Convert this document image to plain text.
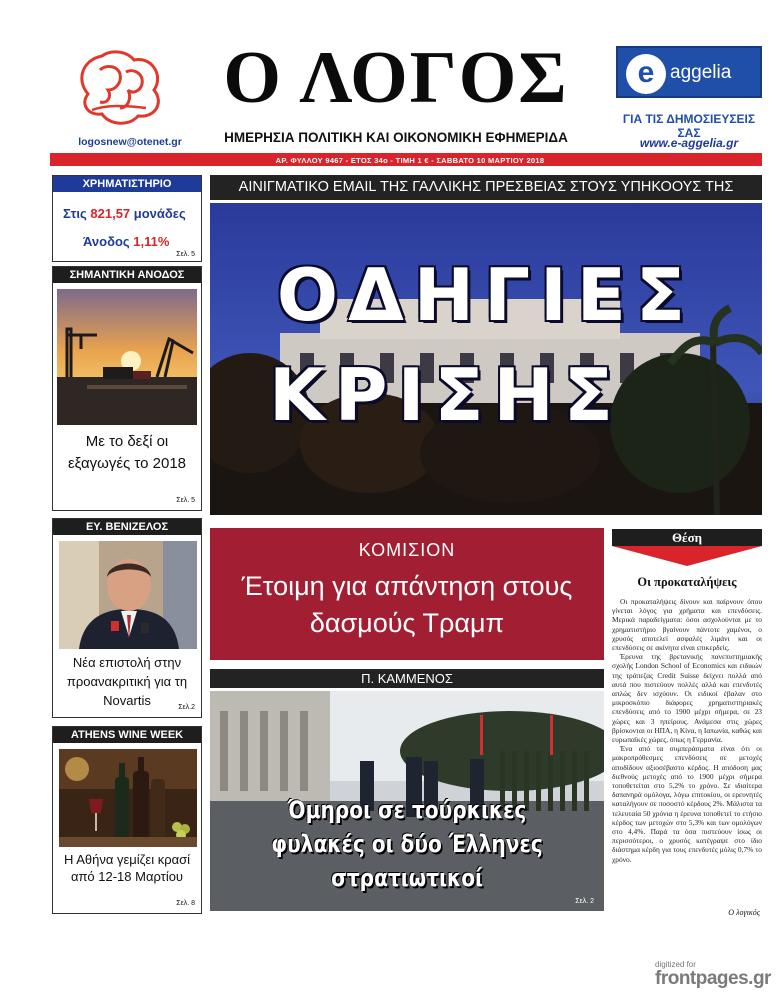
Ο ΛΟΓΟΣ
ΗΜΕΡΗΣΙΑ ΠΟΛΙΤΙΚΗ ΚΑΙ ΟΙΚΟΝΟΜΙΚΗ ΕΦΗΜΕΡΙΔΑ
logosnew@otenet.gr
e aggelia
ΓΙΑ ΤΙΣ ΔΗΜΟΣΙΕΥΣΕΙΣ ΣΑΣ
www.e-aggelia.gr
ΑΡ. ΦΥΛΛΟΥ 9467 - ΕΤΟΣ 34ο - ΤΙΜΗ 1 € - ΣΑΒΒΑΤΟ 10 ΜΑΡΤΙΟΥ 2018
ΧΡΗΜΑΤΙΣΤΗΡΙΟ
Στις 821,57 μονάδες
Άνοδος 1,11%
Σελ. 5
ΣΗΜΑΝΤΙΚΗ ΑΝΟΔΟΣ
Με το δεξί οι εξαγωγές το 2018
Σελ. 5
ΕΥ. ΒΕΝΙΖΕΛΟΣ
Νέα επιστολή στην προανακριτική για τη Novartis	Σελ.2
ATHENS WINE WEEK
Η Αθήνα γεμίζει κρασί από 12-18 Μαρτίου
Σελ. 8
ΑΙΝΙΓΜΑΤΙΚΟ EMAIL ΤΗΣ ΓΑΛΛΙΚΗΣ ΠΡΕΣΒΕΙΑΣ ΣΤΟΥΣ ΥΠΗΚΟΟΥΣ ΤΗΣ
ΟΔΗΓΙΕΣ
ΚΡΙΣΗΣ
ΚΟΜΙΣΙΟΝ
Έτοιμη για απάντηση στους δασμούς Τραμπ
Π. ΚΑΜΜΕΝΟΣ
Όμηροι σε τούρκικες φυλακές οι δύο Έλληνες στρατιωτικοί
Σελ. 2
Θέση
Οι προκαταλήψεις

Οι προκαταλήψεις δίνουν και παίρνουν όπου γίνεται λόγος για χρήματα και επενδύσεις. Μερικά παραδείγματα: όσοι ασχολούνται με το χρηματιστήριο βγαίνουν πάντοτε χαμένοι, ο χρυσός αποτελεί ασφαλές λιμάνι και οι επενδύσεις σε ακίνητα είναι επικερδείς.

Έρευνα της βρετανικής πανεπιστημιακής σχολής London School of Economics και ειδικών της τράπεζας Credit Suisse δείχνει πολλά από αυτά που πιστεύουν πολλές αλλά και επενδυτές απλώς δεν ισχύουν. Οι ειδικοί έβαλαν στο μικροσκόπιο διάφορες χρηματιστηριακές επενδύσεις από το 1900 μέχρι σήμερα, σε 23 χώρες και 3 ηπείρους. Ανάμεσα στις χώρες βρίσκονται οι ΗΠΑ, η Κίνα, η Ιαπωνία, καθώς και ευρωπαϊκές χώρες, όπως η Γερμανία.

Ένα από τα συμπεράσματα είναι ότι οι μακροπρόθεσμες επενδύσεις σε μετοχές αποδίδουν αξιοσέβαστο κέρδος. Η απόδοση μας διεθνούς μετοχές από το 1900 μέχρι σήμερα τοποθετείται στο 5,2% το χρόνο. Σε ιδιαίτερα δαπανηρά ομόλογα, λόγω επιτοκίου, οι ερευνητές καταλήγουν σε ποσοστό κέρδους 2%. Μάλιστα τα τελευταία 50 χρόνια η έρευνα τοποθετεί το ετήσιο κέρδος των μετοχών στο 5,3% και των ομολόγων στο 4,4%. Παρά τα όσα πιστεύουν ίσως οι περισσότεροι, ο χρυσός κατέγραψε στο ίδιο διάστημα κέρδη για τους επενδυτές μόλις 0,7% το χρόνο.

Ο λογικός
digitized for
frontpages.gr
